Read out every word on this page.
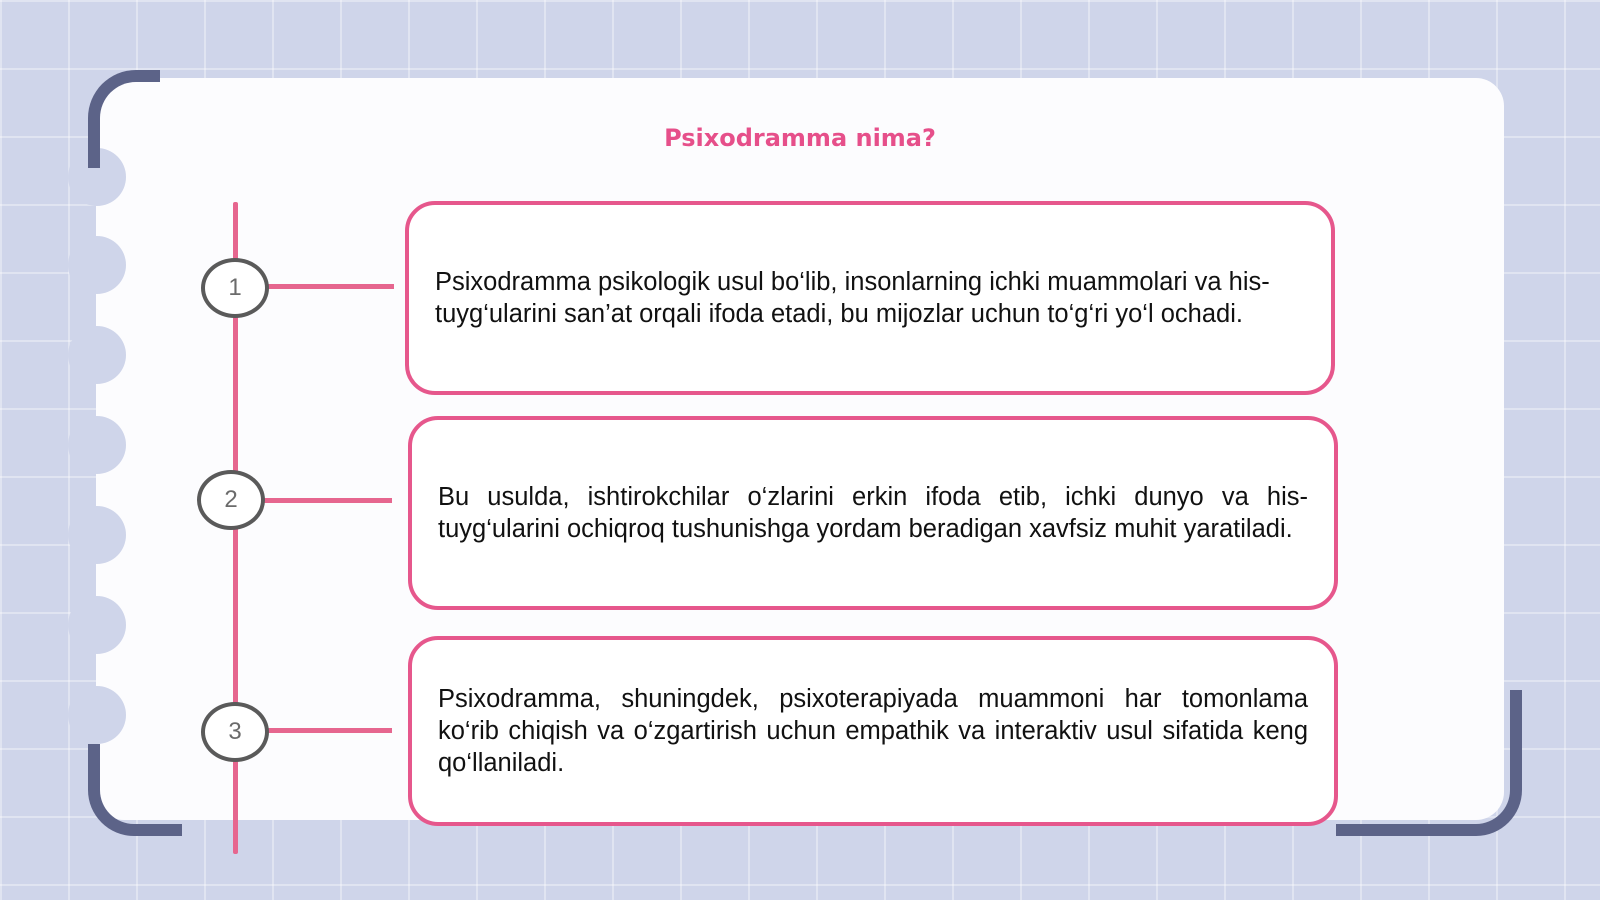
Psixodramma nima?
1
2
3

Psixodramma psikologik usul bo‘lib, insonlarning ichki muammolari va his-tuyg‘ularini san’at orqali ifoda etadi, bu mijozlar uchun to‘g‘ri yo‘l ochadi.

Bu usulda, ishtirokchilar o‘zlarini erkin ifoda etib, ichki dunyo va his-tuyg‘ularini ochiqroq tushunishga yordam beradigan xavfsiz muhit yaratiladi.

Psixodramma, shuningdek, psixoterapiyada muammoni har tomonlama ko‘rib chiqish va o‘zgartirish uchun empathik va interaktiv usul sifatida keng qo‘llaniladi.
